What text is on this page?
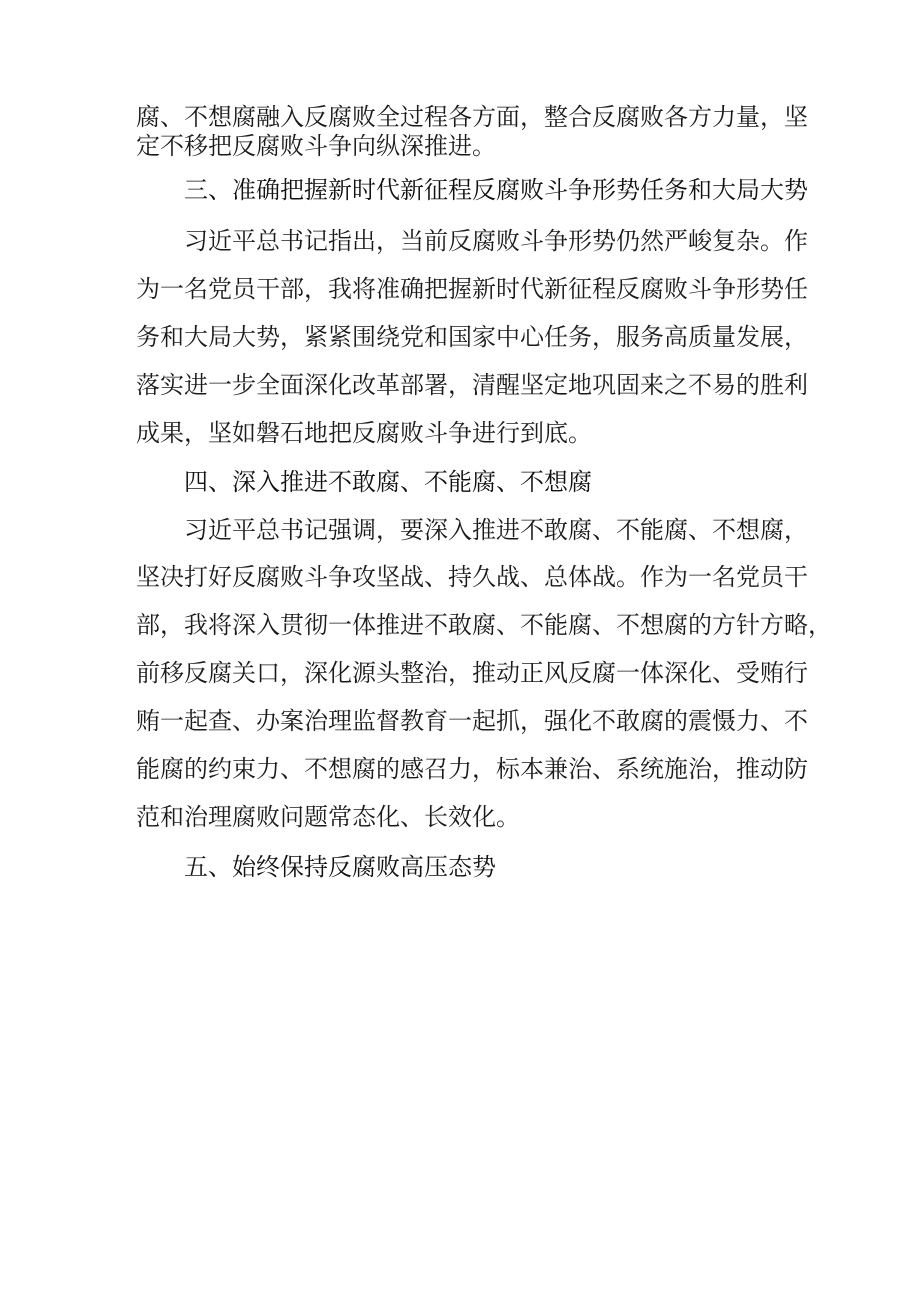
腐、不想腐融入反腐败全过程各方面，整合反腐败各方力量，坚
定不移把反腐败斗争向纵深推进。
三、准确把握新时代新征程反腐败斗争形势任务和大局大势
习近平总书记指出，当前反腐败斗争形势仍然严峻复杂。作
为一名党员干部，我将准确把握新时代新征程反腐败斗争形势任
务和大局大势，紧紧围绕党和国家中心任务，服务高质量发展，
落实进一步全面深化改革部署，清醒坚定地巩固来之不易的胜利
成果，坚如磐石地把反腐败斗争进行到底。
四、深入推进不敢腐、不能腐、不想腐
习近平总书记强调，要深入推进不敢腐、不能腐、不想腐，
坚决打好反腐败斗争攻坚战、持久战、总体战。作为一名党员干
部，我将深入贯彻一体推进不敢腐、不能腐、不想腐的方针方略，
前移反腐关口，深化源头整治，推动正风反腐一体深化、受贿行
贿一起查、办案治理监督教育一起抓，强化不敢腐的震慑力、不
能腐的约束力、不想腐的感召力，标本兼治、系统施治，推动防
范和治理腐败问题常态化、长效化。
五、始终保持反腐败高压态势
